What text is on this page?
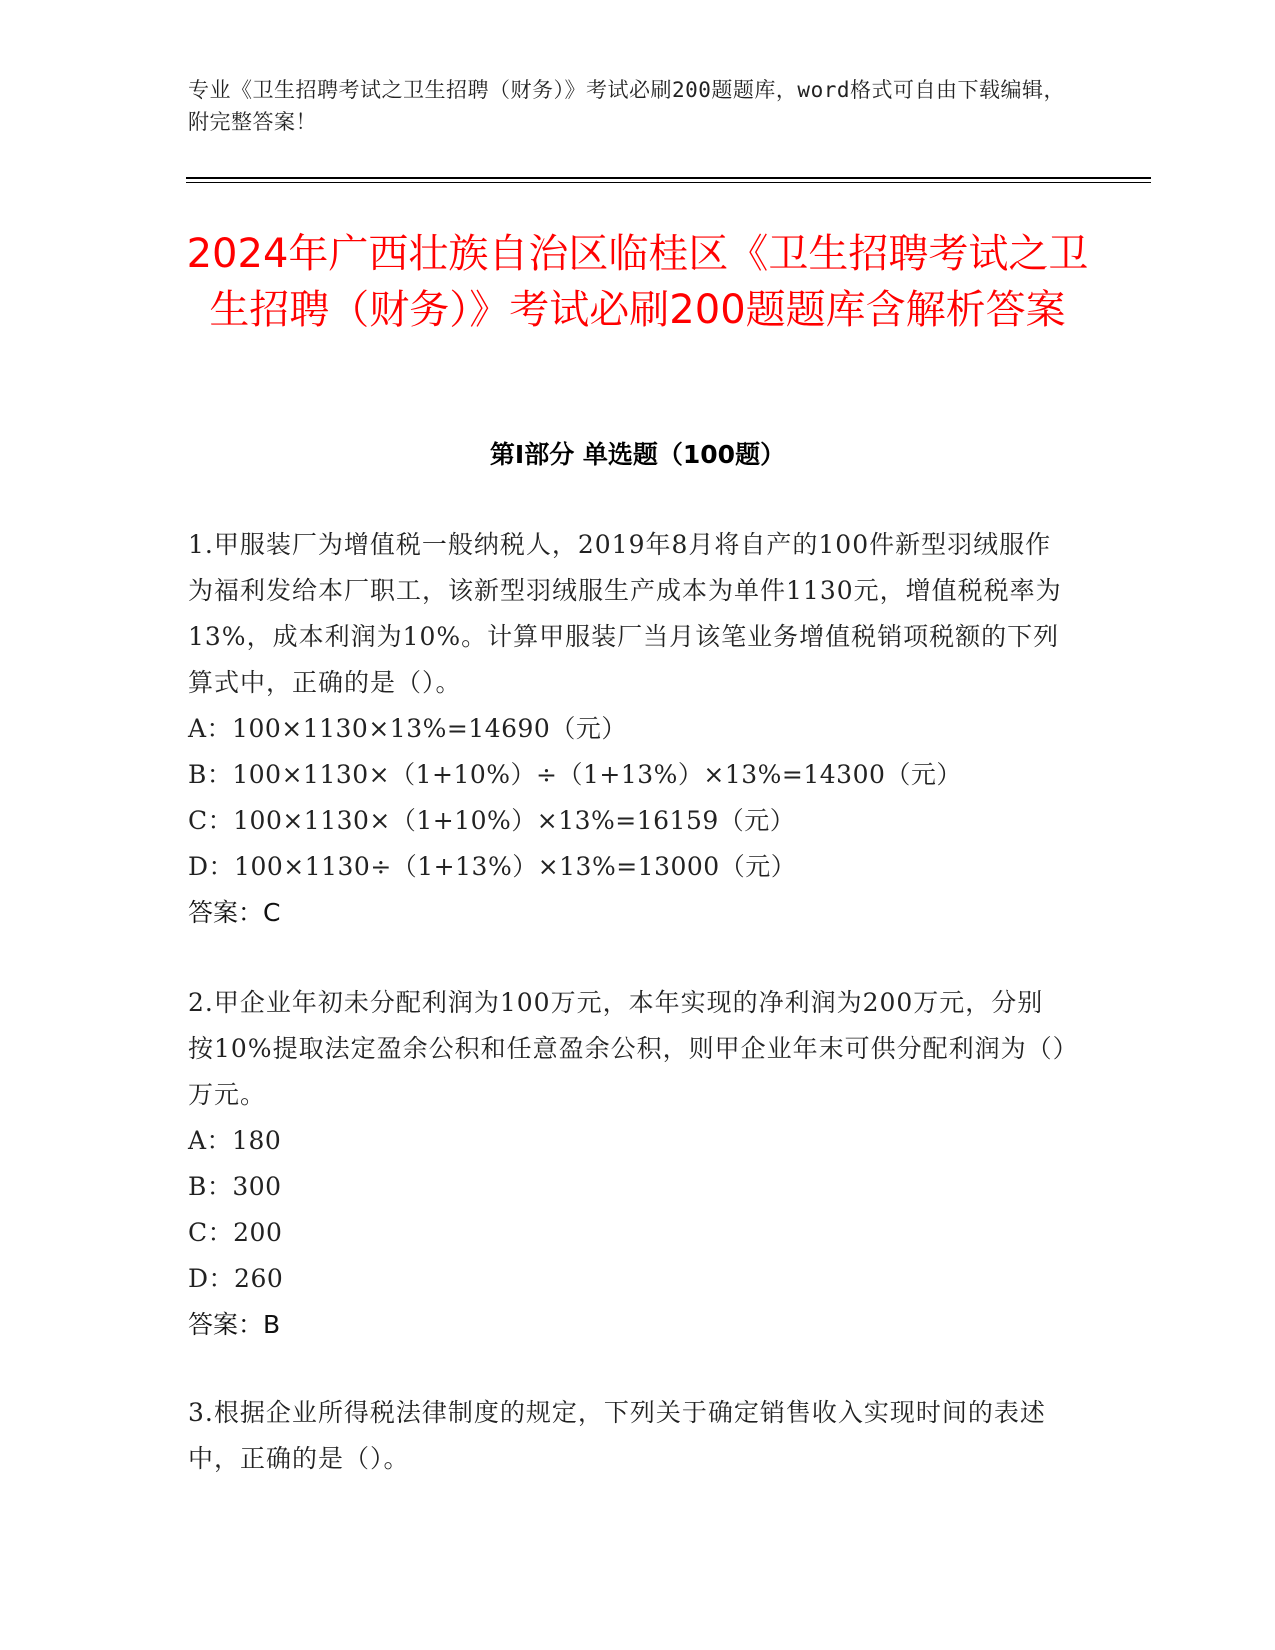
专业《卫生招聘考试之卫生招聘（财务）》考试必刷200题题库，word格式可自由下载编辑，附完整答案！
2024年广西壮族自治区临桂区《卫生招聘考试之卫生招聘（财务）》考试必刷200题题库含解析答案
第I部分 单选题（100题）
1.甲服装厂为增值税一般纳税人，2019年8月将自产的100件新型羽绒服作为福利发给本厂职工，该新型羽绒服生产成本为单件1130元，增值税税率为13%，成本利润为10%。计算甲服装厂当月该笔业务增值税销项税额的下列算式中，正确的是（）。
A：100×1130×13%=14690（元）
B：100×1130×（1+10%）÷（1+13%）×13%=14300（元）
C：100×1130×（1+10%）×13%=16159（元）
D：100×1130÷（1+13%）×13%=13000（元）
答案：C
2.甲企业年初未分配利润为100万元，本年实现的净利润为200万元，分别按10%提取法定盈余公积和任意盈余公积，则甲企业年末可供分配利润为（）万元。
A：180
B：300
C：200
D：260
答案：B
3.根据企业所得税法律制度的规定，下列关于确定销售收入实现时间的表述中，正确的是（）。
